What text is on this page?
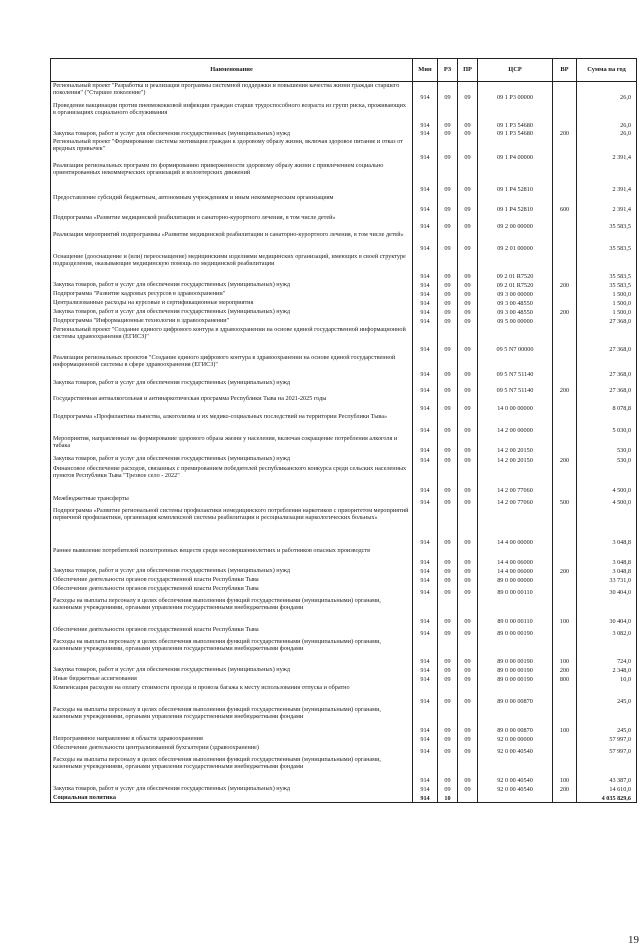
Наименование	Мин	РЗ	ПР	ЦСР	ВР	Сумма на год
Региональный проект "Разработка и реализация программы системной поддержки и повышения качества жизни граждан старшего поколения" ("Старшее поколение")	914	09	09	09 1 Р3 00000		26,0
Проведение вакцинации против пневмококковой инфекции граждан старше трудоспособного возраста из групп риска, проживающих в организациях социального обслуживания	914	09	09	09 1 Р3 54680		26,0
Закупка товаров, работ и услуг для обеспечения государственных (муниципальных) нужд	914	09	09	09 1 Р3 54680	200	26,0
Региональный проект "Формирование системы мотивации граждан к здоровому образу жизни, включая здоровое питание и отказ от вредных привычек"	914	09	09	09 1 Р4 00000		2 391,4
Реализация региональных программ по формированию приверженности здоровому образу жизни с привлечением социально ориентированных некоммерческих организаций и волонтерских движений	914	09	09	09 1 Р4 52810		2 391,4
Предоставление субсидий бюджетным, автономным учреждениям и иным некоммерческим организациям	914	09	09	09 1 Р4 52810	600	2 391,4
Подпрограмма «Развитие медицинской реабилитации и санаторно-курортного лечения, в том числе детей»	914	09	09	09 2 00 00000		35 583,5
Реализация мероприятий подпрограммы «Развитие медицинской реабилитации и санаторно-курортного лечения, в том числе детей»	914	09	09	09 2 01 00000		35 583,5
Оснащение (дооснащение и (или) переоснащение) медицинскими изделиями медицинских организаций, имеющих в своей структуре подразделения, оказывающие медицинскую помощь по медицинской реабилитации	914	09	09	09 2 01 R7520		35 583,5
Закупка товаров, работ и услуг для обеспечения государственных (муниципальных) нужд	914	09	09	09 2 01 R7520	200	35 583,5
Подпрограмма "Развитие кадровых ресурсов в здравоохранении"	914	09	09	09 3 00 00000		1 500,0
Централизованные расходы на курсовые и сертификационные мероприятия	914	09	09	09 3 00 48550		1 500,0
Закупка товаров, работ и услуг для обеспечения государственных (муниципальных) нужд	914	09	09	09 3 00 48550	200	1 500,0
Подпрограмма "Информационные технологии в здравоохранении"	914	09	09	09 5 00 00000		27 368,0
Региональный проект "Создание единого цифрового контура в здравоохранении на основе единой государственной информационной системы здравоохранения (ЕГИСЗ)"	914	09	09	09 5 N7 00000		27 368,0
Реализация региональных проектов "Создание единого цифрового контура в здравоохранении на основе единой государственной информационной системы в сфере здравоохранения (ЕГИСЗ)"	914	09	09	09 5 N7 51140		27 368,0
Закупка товаров, работ и услуг для обеспечения государственных (муниципальных) нужд	914	09	09	09 5 N7 51140	200	27 368,0
Государственная антиалкогольная и антинаркотическая программа Республики Тыва на 2021-2025 годы	914	09	09	14 0 00 00000		8 078,8
Подпрограмма «Профилактика пьянства, алкоголизма и их медико-социальных последствий на территории Республики Тыва»	914	09	09	14 2 00 00000		5 030,0
Мероприятия, направленные на формирование здорового образа жизни у населения, включая сокращение потребления алкоголя и табака	914	09	09	14 2 00 20150		530,0
Закупка товаров, работ и услуг для обеспечения государственных (муниципальных) нужд	914	09	09	14 2 00 20150	200	530,0
Финансовое обеспечение расходов, связанных с премированием победителей республиканского конкурса среди сельских населенных пунктов Республики Тыва "Трезвое село - 2022"	914	09	09	14 2 00 77060		4 500,0
Межбюджетные трансферты	914	09	09	14 2 00 77060	500	4 500,0
Подпрограмма «Развитие региональной системы профилактики немедицинского потребления наркотиков с приоритетом мероприятий первичной профилактики, организация комплексной системы реабилитации и ресоциализации наркологических больных»	914	09	09	14 4 00 00000		3 048,8
Раннее выявление потребителей психотропных веществ среди несовершеннолетних и работников опасных производств	914	09	09	14 4 00 06000		3 048,8
Закупка товаров, работ и услуг для обеспечения государственных (муниципальных) нужд	914	09	09	14 4 00 06000	200	3 048,8
Обеспечение деятельности органов государственной власти Республики Тыва	914	09	09	89 0 00 00000		33 731,0
Обеспечение деятельности органов государственной власти Республики Тыва	914	09	09	89 0 00 00110		30 404,0
Расходы на выплаты персоналу в целях обеспечения выполнения функций государственными (муниципальными) органами, казенными учреждениями, органами управления государственными внебюджетными фондами	914	09	09	89 0 00 00110	100	30 404,0
Обеспечение деятельности органов государственной власти Республики Тыва	914	09	09	89 0 00 00190		3 082,0
Расходы на выплаты персоналу в целях обеспечения выполнения функций государственными (муниципальными) органами, казенными учреждениями, органами управления государственными внебюджетными фондами	914	09	09	89 0 00 00190	100	724,0
Закупка товаров, работ и услуг для обеспечения государственных (муниципальных) нужд	914	09	09	89 0 00 00190	200	2 348,0
Иные бюджетные ассигнования	914	09	09	89 0 00 00190	800	10,0
Компенсация расходов на оплату стоимости проезда и провоза багажа к месту использования отпуска и обратно	914	09	09	89 0 00 00870		245,0
Расходы на выплаты персоналу в целях обеспечения выполнения функций государственными (муниципальными) органами, казенными учреждениями, органами управления государственными внебюджетными фондами	914	09	09	89 0 00 00870	100	245,0
Непрограммное направление в области здравоохранения	914	09	09	92 0 00 00000		57 997,0
Обеспечение деятельности централизованной бухгалтерии (здравоохранение)	914	09	09	92 0 00 40540		57 997,0
Расходы на выплаты персоналу в целях обеспечения выполнения функций государственными (муниципальными) органами, казенными учреждениями, органами управления государственными внебюджетными фондами	914	09	09	92 0 00 40540	100	43 387,0
Закупка товаров, работ и услуг для обеспечения государственных (муниципальных) нужд	914	09	09	92 0 00 40540	200	14 610,0
Социальная политика	914	10				4 035 829,6
19
